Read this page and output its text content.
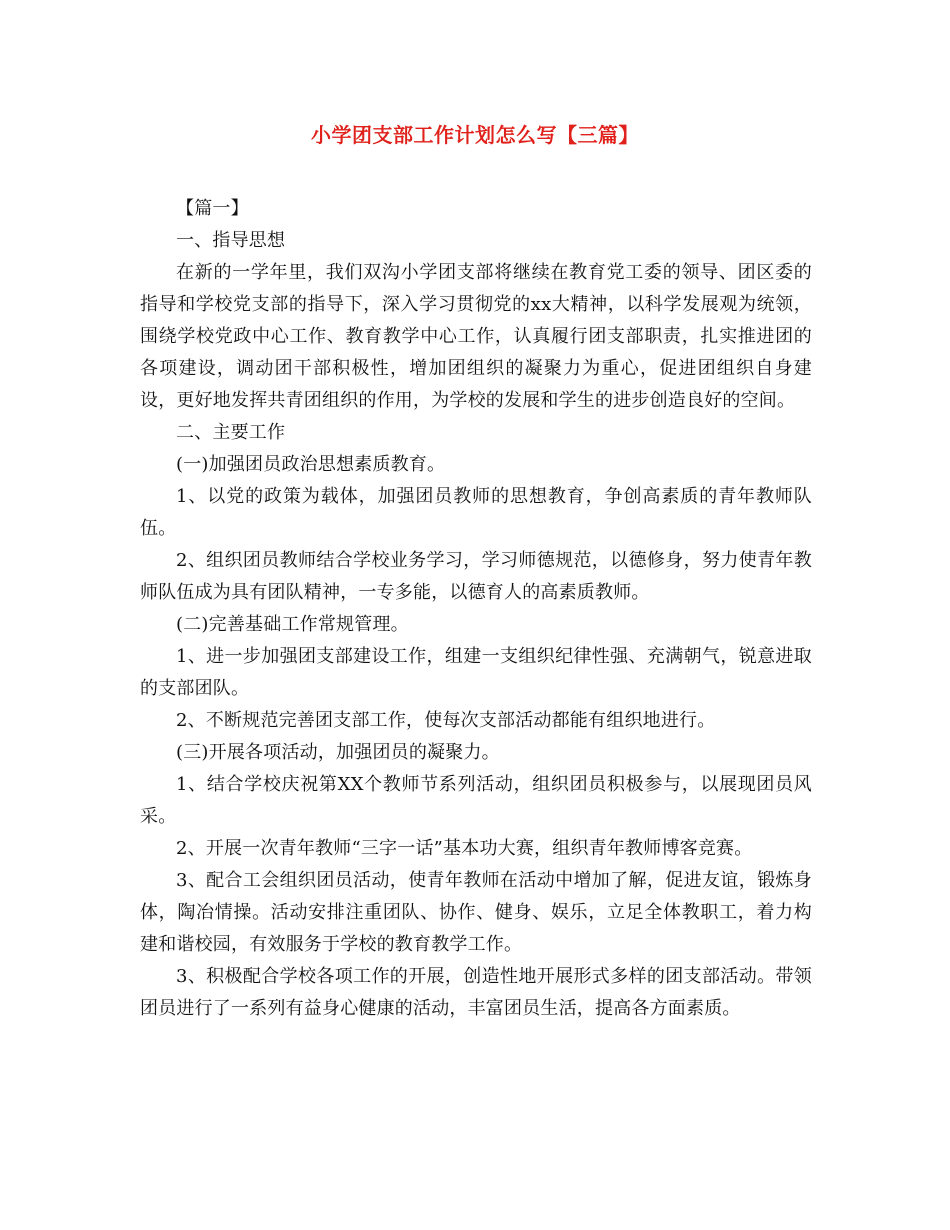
小学团支部工作计划怎么写【三篇】

【篇一】

一、指导思想

在新的一学年里，我们双沟小学团支部将继续在教育党工委的领导、团区委的指导和学校党支部的指导下，深入学习贯彻党的xx大精神，以科学发展观为统领，围绕学校党政中心工作、教育教学中心工作，认真履行团支部职责，扎实推进团的各项建设，调动团干部积极性，增加团组织的凝聚力为重心，促进团组织自身建设，更好地发挥共青团组织的作用，为学校的发展和学生的进步创造良好的空间。

二、主要工作

(一)加强团员政治思想素质教育。

1、以党的政策为载体，加强团员教师的思想教育，争创高素质的青年教师队伍。

2、组织团员教师结合学校业务学习，学习师德规范，以德修身，努力使青年教师队伍成为具有团队精神，一专多能，以德育人的高素质教师。

(二)完善基础工作常规管理。

1、进一步加强团支部建设工作，组建一支组织纪律性强、充满朝气，锐意进取的支部团队。

2、不断规范完善团支部工作，使每次支部活动都能有组织地进行。

(三)开展各项活动，加强团员的凝聚力。

1、结合学校庆祝第XX个教师节系列活动，组织团员积极参与，以展现团员风采。

2、开展一次青年教师“三字一话”基本功大赛，组织青年教师博客竞赛。

3、配合工会组织团员活动，使青年教师在活动中增加了解，促进友谊，锻炼身体，陶冶情操。活动安排注重团队、协作、健身、娱乐，立足全体教职工，着力构建和谐校园，有效服务于学校的教育教学工作。

3、积极配合学校各项工作的开展，创造性地开展形式多样的团支部活动。带领团员进行了一系列有益身心健康的活动，丰富团员生活，提高各方面素质。
